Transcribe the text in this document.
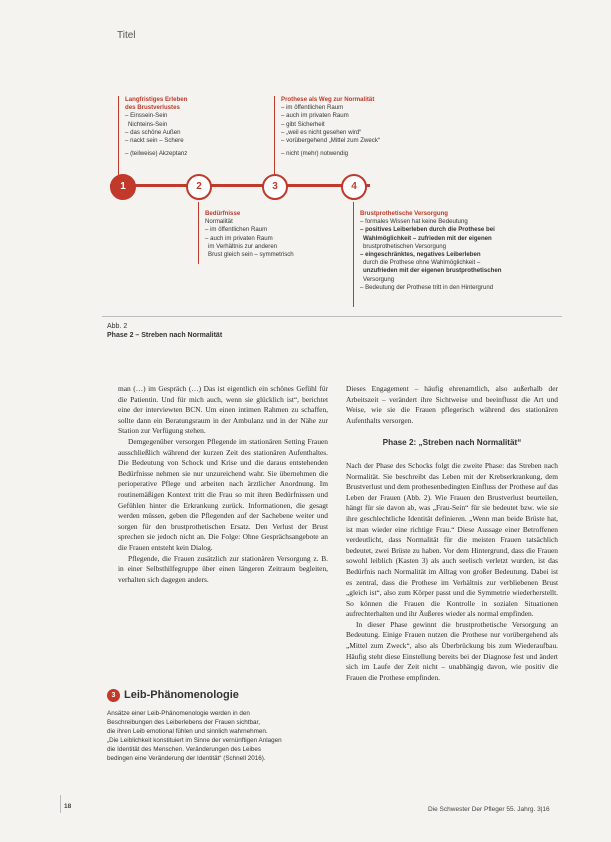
Titel
Langfristiges Erleben
des Brustverlustes
– Einssein-Sein
Nichteins-Sein
– das schöne Außen
– nackt sein – Schere
– (teilweise) Akzeptanz
Prothese als Weg zur Normalität
– im öffentlichen Raum
– auch im privaten Raum
– gibt Sicherheit
– „weil es nicht gesehen wird“
– vorübergehend „Mittel zum Zweck“
– nicht (mehr) notwendig
1	2	3	4
Bedürfnisse
Normalität
– im öffentlichen Raum
– auch im privaten Raum
im Verhältnis zur anderen
Brust gleich sein – symmetrisch
Brustprothetische Versorgung
– formales Wissen hat keine Bedeutung
– positives Leiberleben durch die Prothese bei
Wahlmöglichkeit – zufrieden mit der eigenen
brustprothetischen Versorgung
– eingeschränktes, negatives Leiberleben
durch die Prothese ohne Wahlmöglichkeit –
unzufrieden mit der eigenen brustprothetischen
Versorgung
– Bedeutung der Prothese tritt in den Hintergrund
Abb. 2
Phase 2 – Streben nach Normalität

man (…) im Gespräch (…) Das ist eigentlich ein schönes Gefühl für die Patientin. Und für mich auch, wenn sie glücklich ist“, berichtet eine der interviewten BCN. Um einen intimen Rahmen zu schaffen, sollte dann ein Beratungsraum in der Ambulanz und in der Nähe zur Station zur Verfügung stehen.

Demgegenüber versorgen Pflegende im stationären Setting Frauen ausschließlich während der kurzen Zeit des stationären Aufenthaltes. Die Bedeutung von Schock und Krise und die daraus entstehenden Bedürfnisse nehmen sie nur unzureichend wahr. Sie übernehmen die perioperative Pflege und arbeiten nach ärztlicher Anordnung. Im routinemäßigen Kontext tritt die Frau so mit ihren Bedürfnissen und Gefühlen hinter die Erkrankung zurück. Informationen, die gesagt werden müssen, geben die Pflegenden auf der Sachebene weiter und sorgen für den brustprothetischen Ersatz. Den Verlust der Brust sprechen sie jedoch nicht an. Die Folge: Ohne Gesprächsangebote an die Frauen entsteht kein Dialog.

Pflegende, die Frauen zusätzlich zur stationären Versorgung z. B. in einer Selbsthilfegruppe über einen längeren Zeitraum begleiten, verhalten sich dagegen anders.

3 Leib-Phänomenologie
Ansätze einer Leib-Phänomenologie werden in den
Beschreibungen des Leiberlebens der Frauen sichtbar,
die ihren Leib emotional fühlen und sinnlich wahrnehmen.
„Die Leiblichkeit konstituiert im Sinne der vernünftigen Anlagen
die Identität des Menschen. Veränderungen des Leibes
bedingen eine Veränderung der Identität“ (Schnell 2016).

Dieses Engagement – häufig ehrenamtlich, also außerhalb der Arbeitszeit – verändert ihre Sichtweise und beeinflusst die Art und Weise, wie sie die Frauen pflegerisch während des stationären Aufenthalts versorgen.

Phase 2: „Streben nach Normalität“

Nach der Phase des Schocks folgt die zweite Phase: das Streben nach Normalität. Sie beschreibt das Leben mit der Krebserkrankung, dem Brustverlust und dem prothesenbedingten Einfluss der Prothese auf das Leben der Frauen (Abb. 2). Wie Frauen den Brustverlust beurteilen, hängt für sie davon ab, was „Frau-Sein“ für sie bedeutet bzw. wie sie ihre geschlechtliche Identität definieren. „Wenn man beide Brüste hat, ist man wieder eine richtige Frau.“ Diese Aussage einer Betroffenen verdeutlicht, dass Normalität für die meisten Frauen tatsächlich bedeutet, zwei Brüste zu haben. Vor dem Hintergrund, dass die Frauen sowohl leiblich (Kasten 3) als auch seelisch verletzt wurden, ist das Bedürfnis nach Normalität im Alltag von großer Bedeutung. Dabei ist es zentral, dass die Prothese im Verhältnis zur verbliebenen Brust „gleich ist“, also zum Körper passt und die Symmetrie wiederherstellt. So können die Frauen die Kontrolle in sozialen Situationen aufrechterhalten und ihr Äußeres wieder als normal empfinden.

In dieser Phase gewinnt die brustprothetische Versorgung an Bedeutung. Einige Frauen nutzen die Prothese nur vorübergehend als „Mittel zum Zweck“, also als Überbrückung bis zum Wiederaufbau. Häufig steht diese Einstellung bereits bei der Diagnose fest und ändert sich im Laufe der Zeit nicht – unabhängig davon, wie positiv die Frauen die Prothese empfinden.

18	Die Schwester Der Pfleger 55. Jahrg. 3|16
